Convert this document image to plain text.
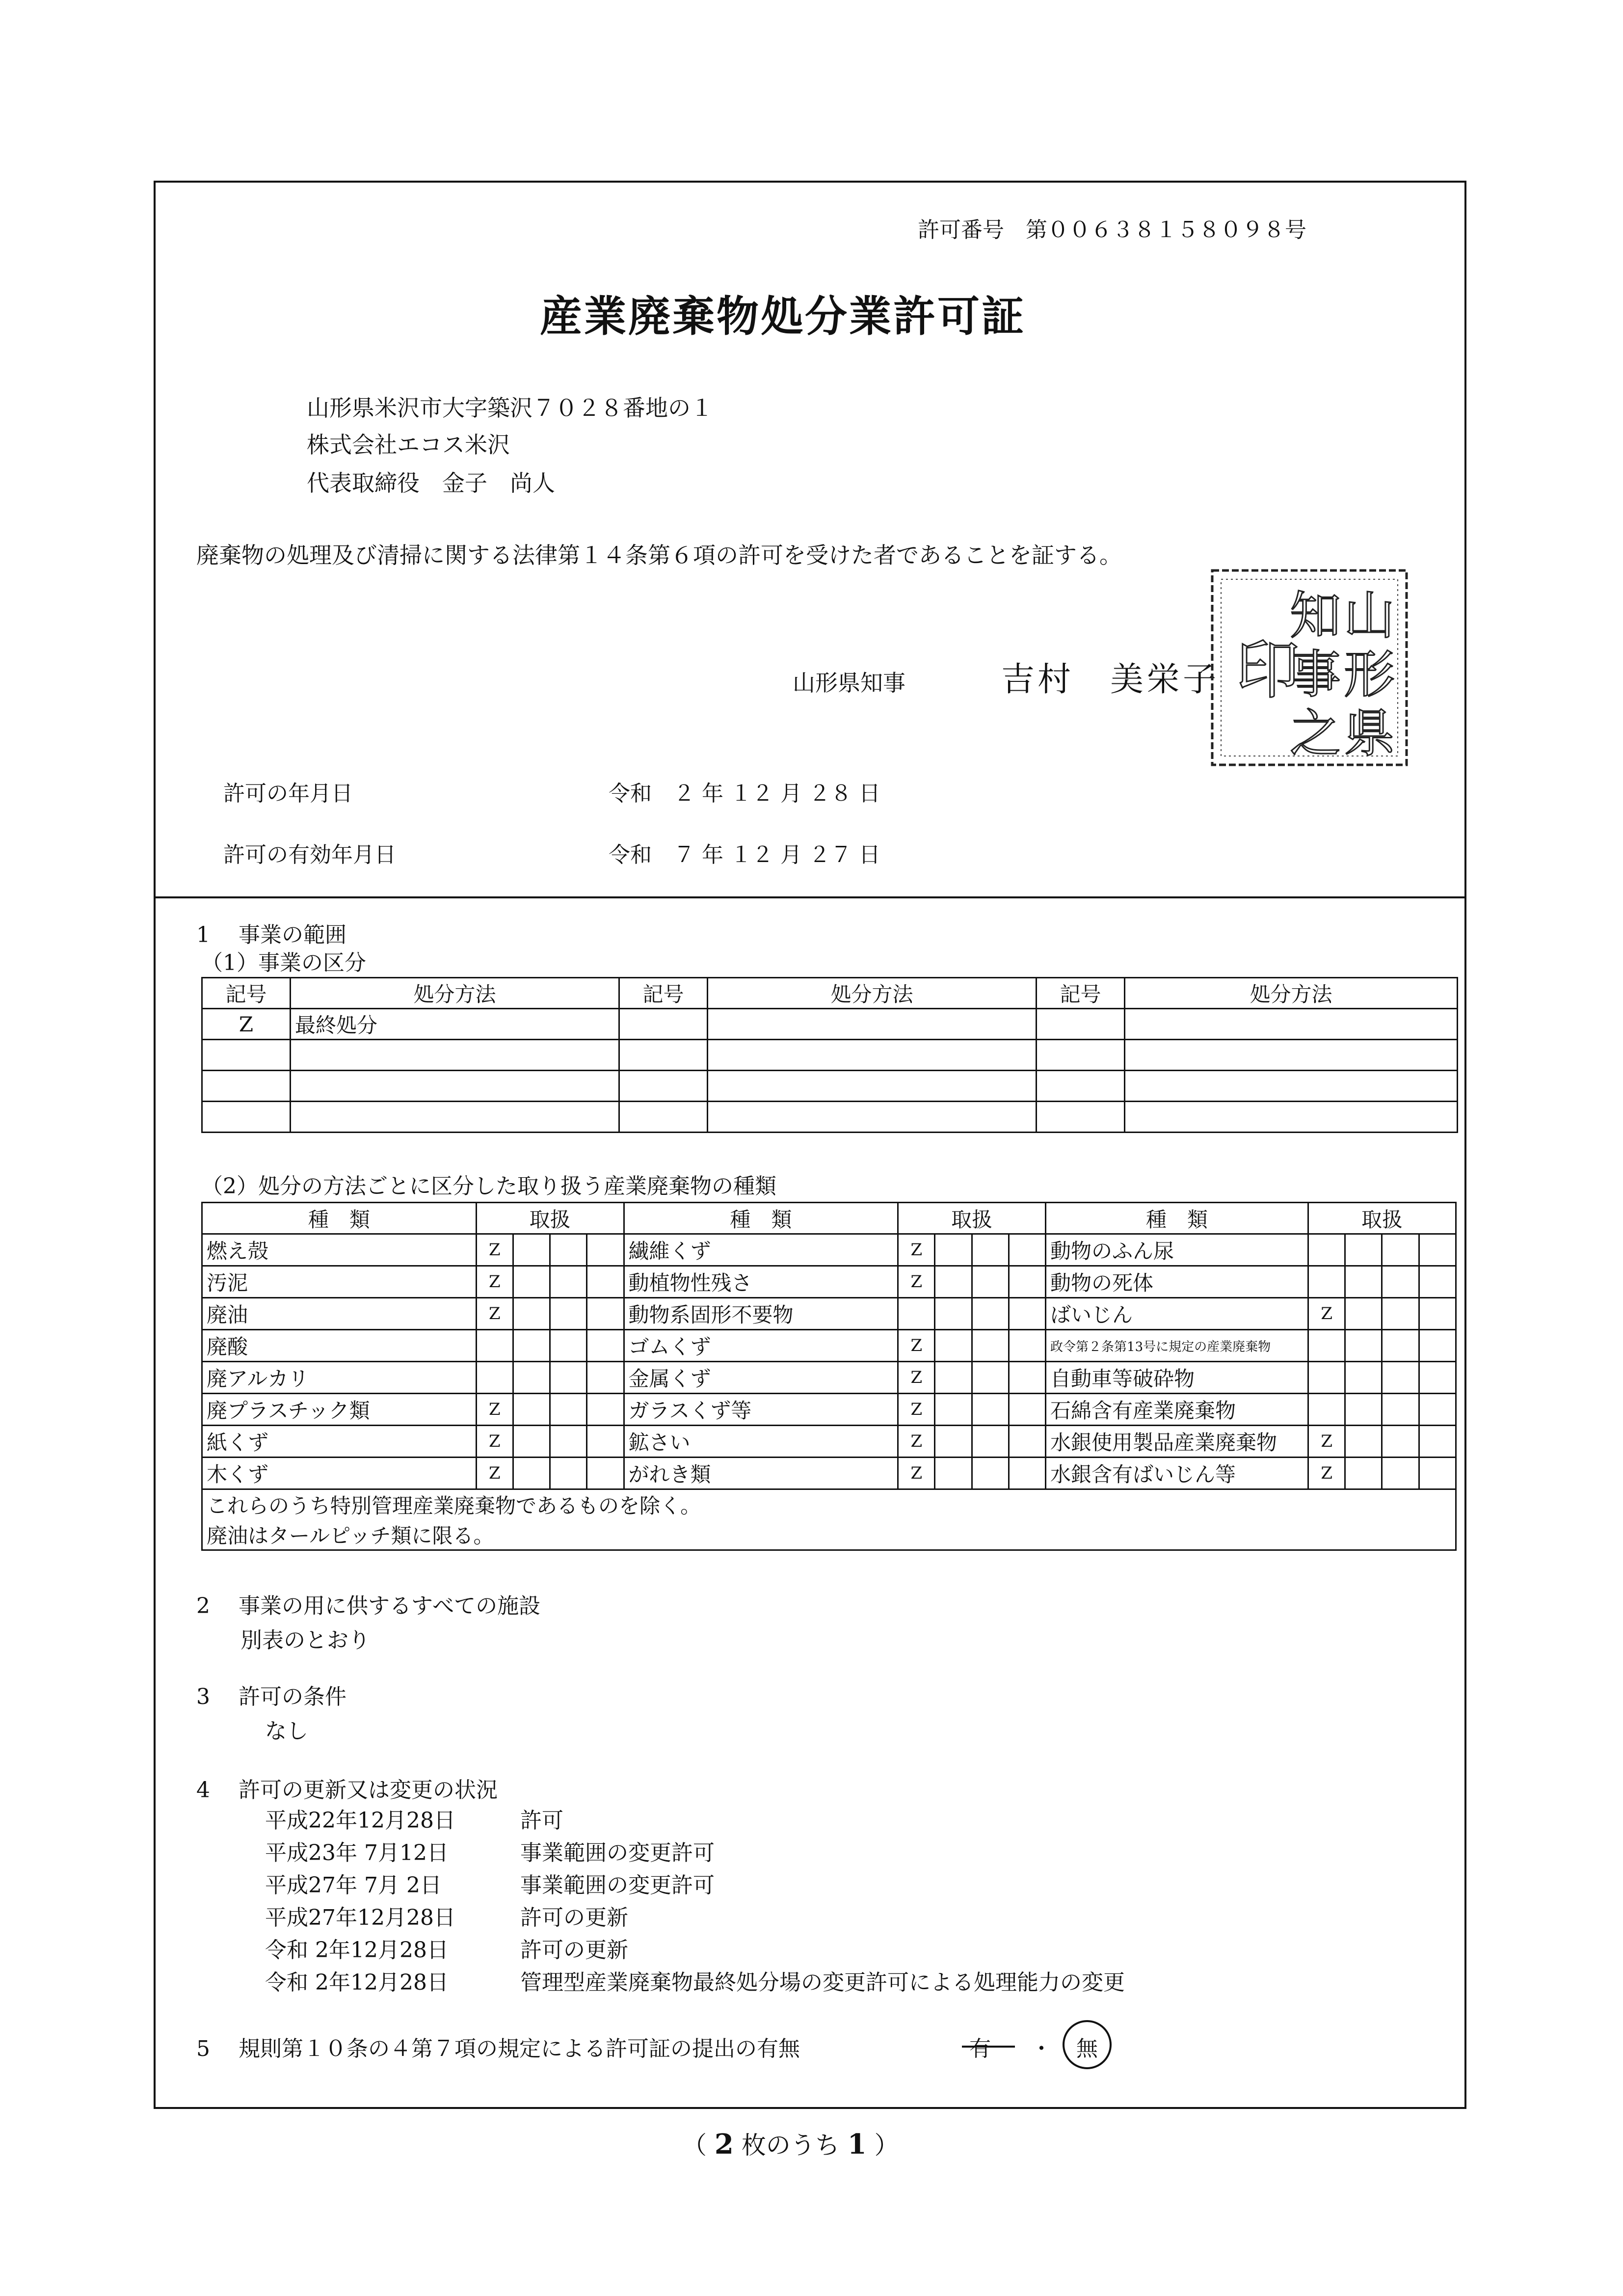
許可番号　第００６３８１５８０９８号
産業廃棄物処分業許可証
山形県米沢市大字築沢７０２８番地の１
株式会社エコス米沢
代表取締役　金子　尚人
廃棄物の処理及び清掃に関する法律第１４条第６項の許可を受けた者であることを証する。
山形県知事	吉村　美栄子
山
形
県
知
事
之
印
許可の年月日	令和　２ 年 １２ 月 ２８ 日
許可の有効年月日	令和　７ 年 １２ 月 ２７ 日
1　 事業の範囲
（1）事業の区分
記号	処分方法	記号	処分方法	記号	処分方法
Z	最終処分				

（2）処分の方法ごとに区分した取り扱う産業廃棄物の種類
種　類	取扱				種　類	取扱				種　類	取扱			
燃え殻	Z				繊維くず	Z				動物のふん尿				
汚泥	Z				動植物性残さ	Z				動物の死体				
廃油	Z				動物系固形不要物					ばいじん	Z			
廃酸					ゴムくず	Z				政令第２条第13号に規定の産業廃棄物				
廃アルカリ					金属くず	Z				自動車等破砕物				
廃プラスチック類	Z				ガラスくず等	Z				石綿含有産業廃棄物				
紙くず	Z				鉱さい	Z				水銀使用製品産業廃棄物	Z			
木くず	Z				がれき類	Z				水銀含有ばいじん等	Z			
これらのうち特別管理産業廃棄物であるものを除く。														
廃油はタールピッチ類に限る。														
2　 事業の用に供するすべての施設
別表のとおり
3　 許可の条件
なし
4　 許可の更新又は変更の状況
平成22年12月28日	許可
平成23年 7月12日	事業範囲の変更許可
平成27年 7月 2日	事業範囲の変更許可
平成27年12月28日	許可の更新
令和 2年12月28日	許可の更新
令和 2年12月28日	管理型産業廃棄物最終処分場の変更許可による処理能力の変更
5　 規則第１０条の４第７項の規定による許可証の提出の有無	有 ・ 無
（ 2 枚のうち 1 ）
